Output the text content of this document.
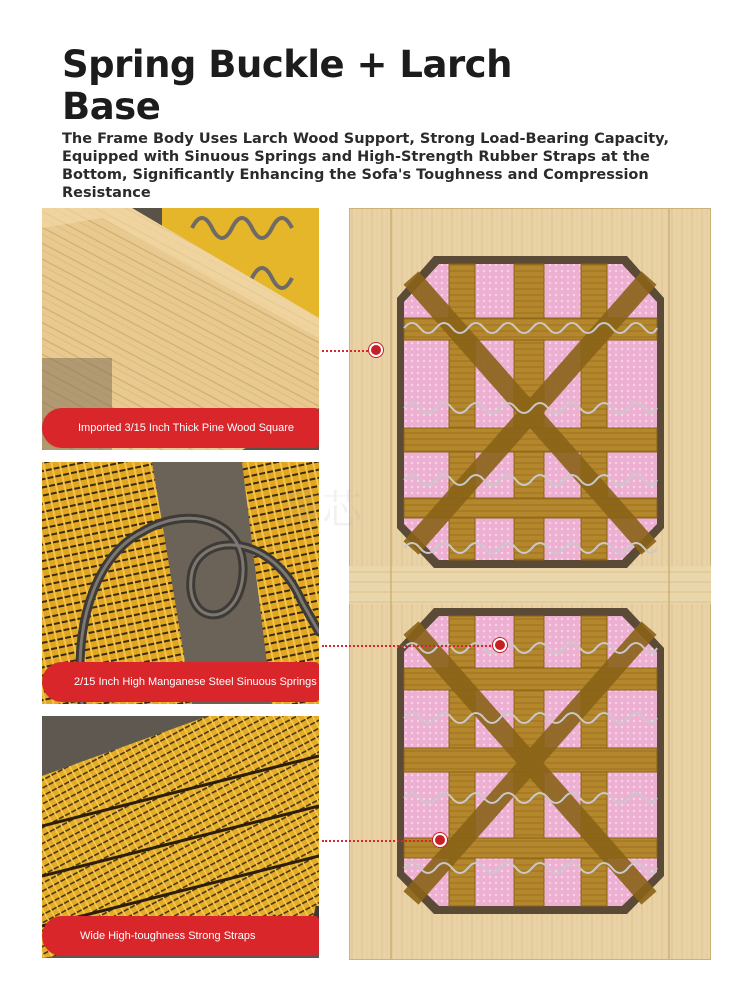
Spring Buckle + Larch Base
The Frame Body Uses Larch Wood Support, Strong Load-Bearing Capacity, Equipped with Sinuous Springs and High-Strength Rubber Straps at the Bottom, Significantly Enhancing the Sofa's Toughness and Compression Resistance
Imported 3/15 Inch Thick Pine Wood Square
2/15 Inch High Manganese Steel Sinuous Springs
Wide High-toughness Strong Straps
琦芯
